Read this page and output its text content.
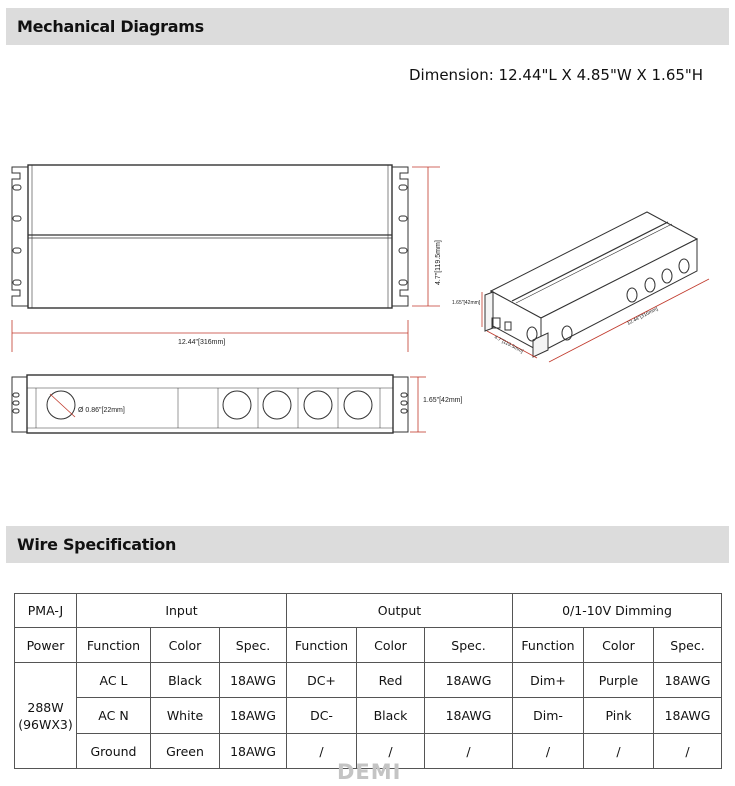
Mechanical Diagrams
Dimension: 12.44"L X 4.85"W X 1.65"H
12.44"[316mm]
4.7"[119.5mm]
Ø 0.86"[22mm]
1.65"[42mm]
1.65"[42mm]
4.7"[119.5mm]
12.44"[316mm]
Wire Specification
PMA-J	Input			Output			0/1-10V Dimming		
Power	Function	Color	Spec.	Function	Color	Spec.	Function	Color	Spec.
288W
(96WX3)	AC L	Black	18AWG	DC+	Red	18AWG	Dim+	Purple	18AWG
	AC N	White	18AWG	DC-	Black	18AWG	Dim-	Pink	18AWG
	Ground	Green	18AWG	/	/	/	/	/	/
DEMI
